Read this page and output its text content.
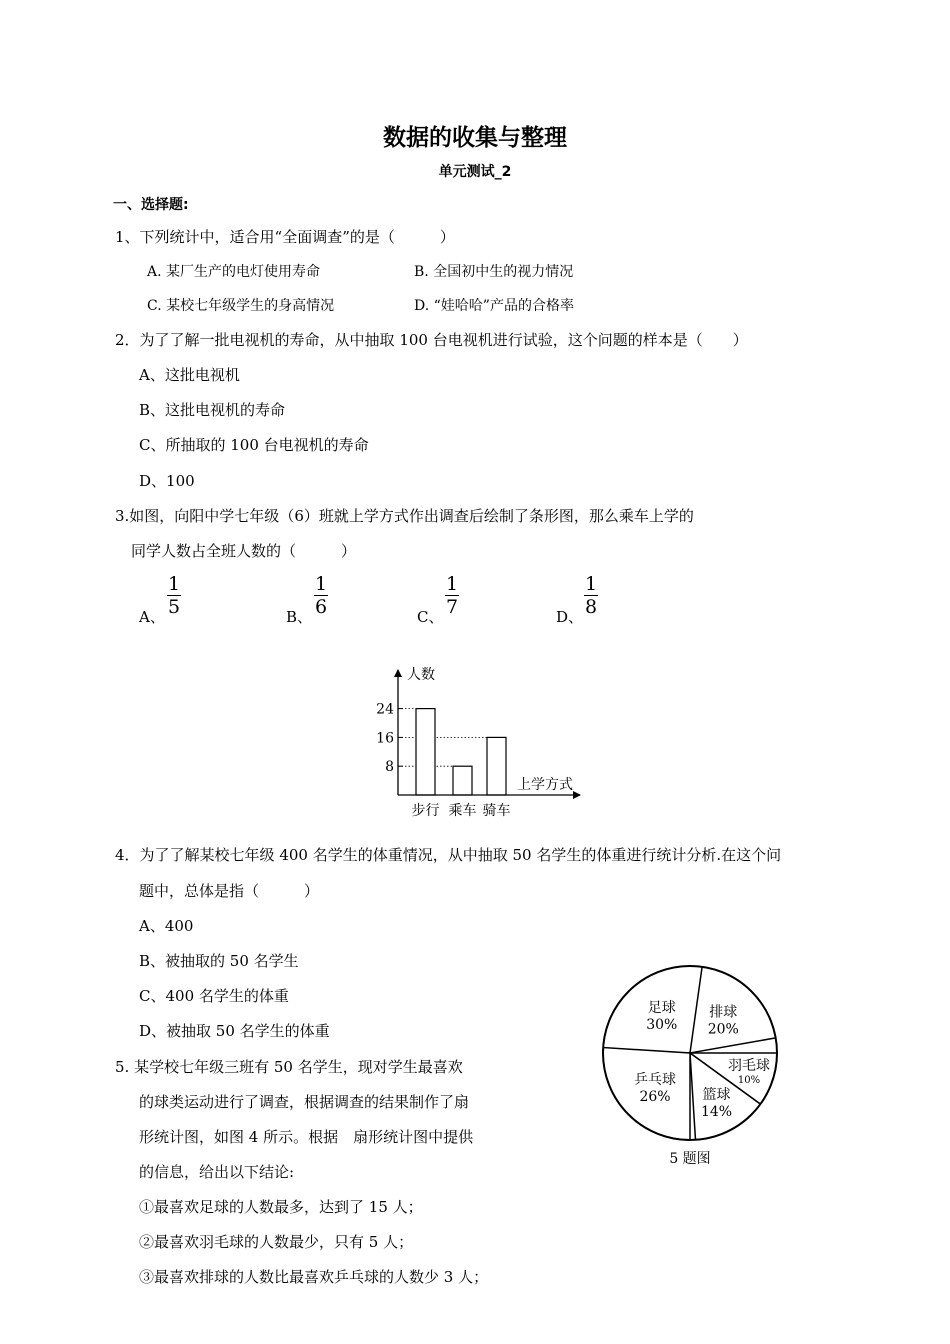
数据的收集与整理
单元测试_2
一、选择题:
1、下列统计中，适合用“全面调查”的是（　　　）
A. 某厂生产的电灯使用寿命	B. 全国初中生的视力情况
C. 某校七年级学生的身高情况	D. “娃哈哈”产品的合格率
2．为了了解一批电视机的寿命，从中抽取 100 台电视机进行试验，这个问题的样本是（　　）
A、这批电视机
B、这批电视机的寿命
C、所抽取的 100 台电视机的寿命
D、100
3.如图，向阳中学七年级（6）班就上学方式作出调查后绘制了条形图，那么乘车上学的
同学人数占全班人数的（　　　）
A、
1
5	B、
1
6	C、
1
7	D、
1
8
人数
上学方式
8
16
24
步行 乘车 骑车
4．为了了解某校七年级 400 名学生的体重情况，从中抽取 50 名学生的体重进行统计分析.在这个问
题中，总体是指（　　　）
A、400
B、被抽取的 50 名学生
C、400 名学生的体重
D、被抽取 50 名学生的体重
5. 某学校七年级三班有 50 名学生，现对学生最喜欢
的球类运动进行了调查，根据调查的结果制作了扇
形统计图，如图 4 所示。根据　扇形统计图中提供
的信息，给出以下结论:
①最喜欢足球的人数最多，达到了 15 人；
②最喜欢羽毛球的人数最少，只有 5 人；
③最喜欢排球的人数比最喜欢乒乓球的人数少 3 人；
足球
30%
排球
20%
羽毛球
10%
篮球
14%
乒乓球
26%
5 题图
